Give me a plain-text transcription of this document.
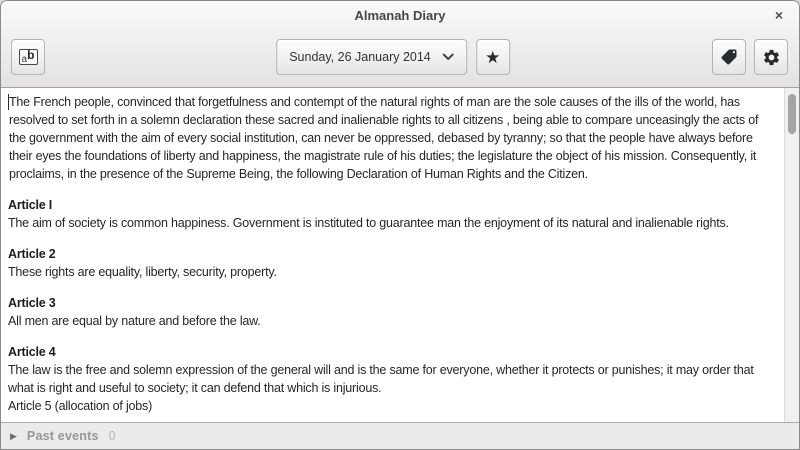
Almanah Diary	×
a b	Sunday, 26 January 2014	★
The French people, convinced that forgetfulness and contempt of the natural rights of man are the sole causes of the ills of the world, has resolved to set forth in a solemn declaration these sacred and inalienable rights to all citizens , being able to compare unceasingly the acts of the government with the aim of every social institution, can never be oppressed, debased by tyranny; so that the people have always before their eyes the foundations of liberty and happiness, the magistrate rule of his duties; the legislature the object of his mission. Consequently, it proclaims, in the presence of the Supreme Being, the following Declaration of Human Rights and the Citizen.
Article I
The aim of society is common happiness. Government is instituted to guarantee man the enjoyment of its natural and inalienable rights.
Article 2
These rights are equality, liberty, security, property.
Article 3
All men are equal by nature and before the law.
Article 4
The law is the free and solemn expression of the general will and is the same for everyone, whether it protects or punishes; it may order that what is right and useful to society; it can defend that which is injurious.
Article 5 (allocation of jobs)
▶ Past events 0
